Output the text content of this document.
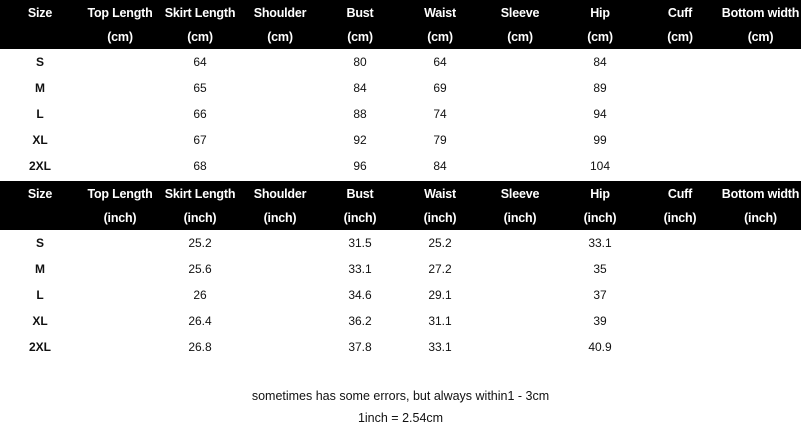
Size	Top Length	Skirt Length	Shoulder	Bust	Waist	Sleeve	Hip	Cuff	Bottom width
	(cm)	(cm)	(cm)	(cm)	(cm)	(cm)	(cm)	(cm)	(cm)
S		64		80	64		84		
M		65		84	69		89		
L		66		88	74		94		
XL		67		92	79		99		
2XL		68		96	84		104		
Size	Top Length	Skirt Length	Shoulder	Bust	Waist	Sleeve	Hip	Cuff	Bottom width
	(inch)	(inch)	(inch)	(inch)	(inch)	(inch)	(inch)	(inch)	(inch)
S		25.2		31.5	25.2		33.1		
M		25.6		33.1	27.2		35		
L		26		34.6	29.1		37		
XL		26.4		36.2	31.1		39		
2XL		26.8		37.8	33.1		40.9		
sometimes has some errors, but always within1 - 3cm
1inch = 2.54cm
